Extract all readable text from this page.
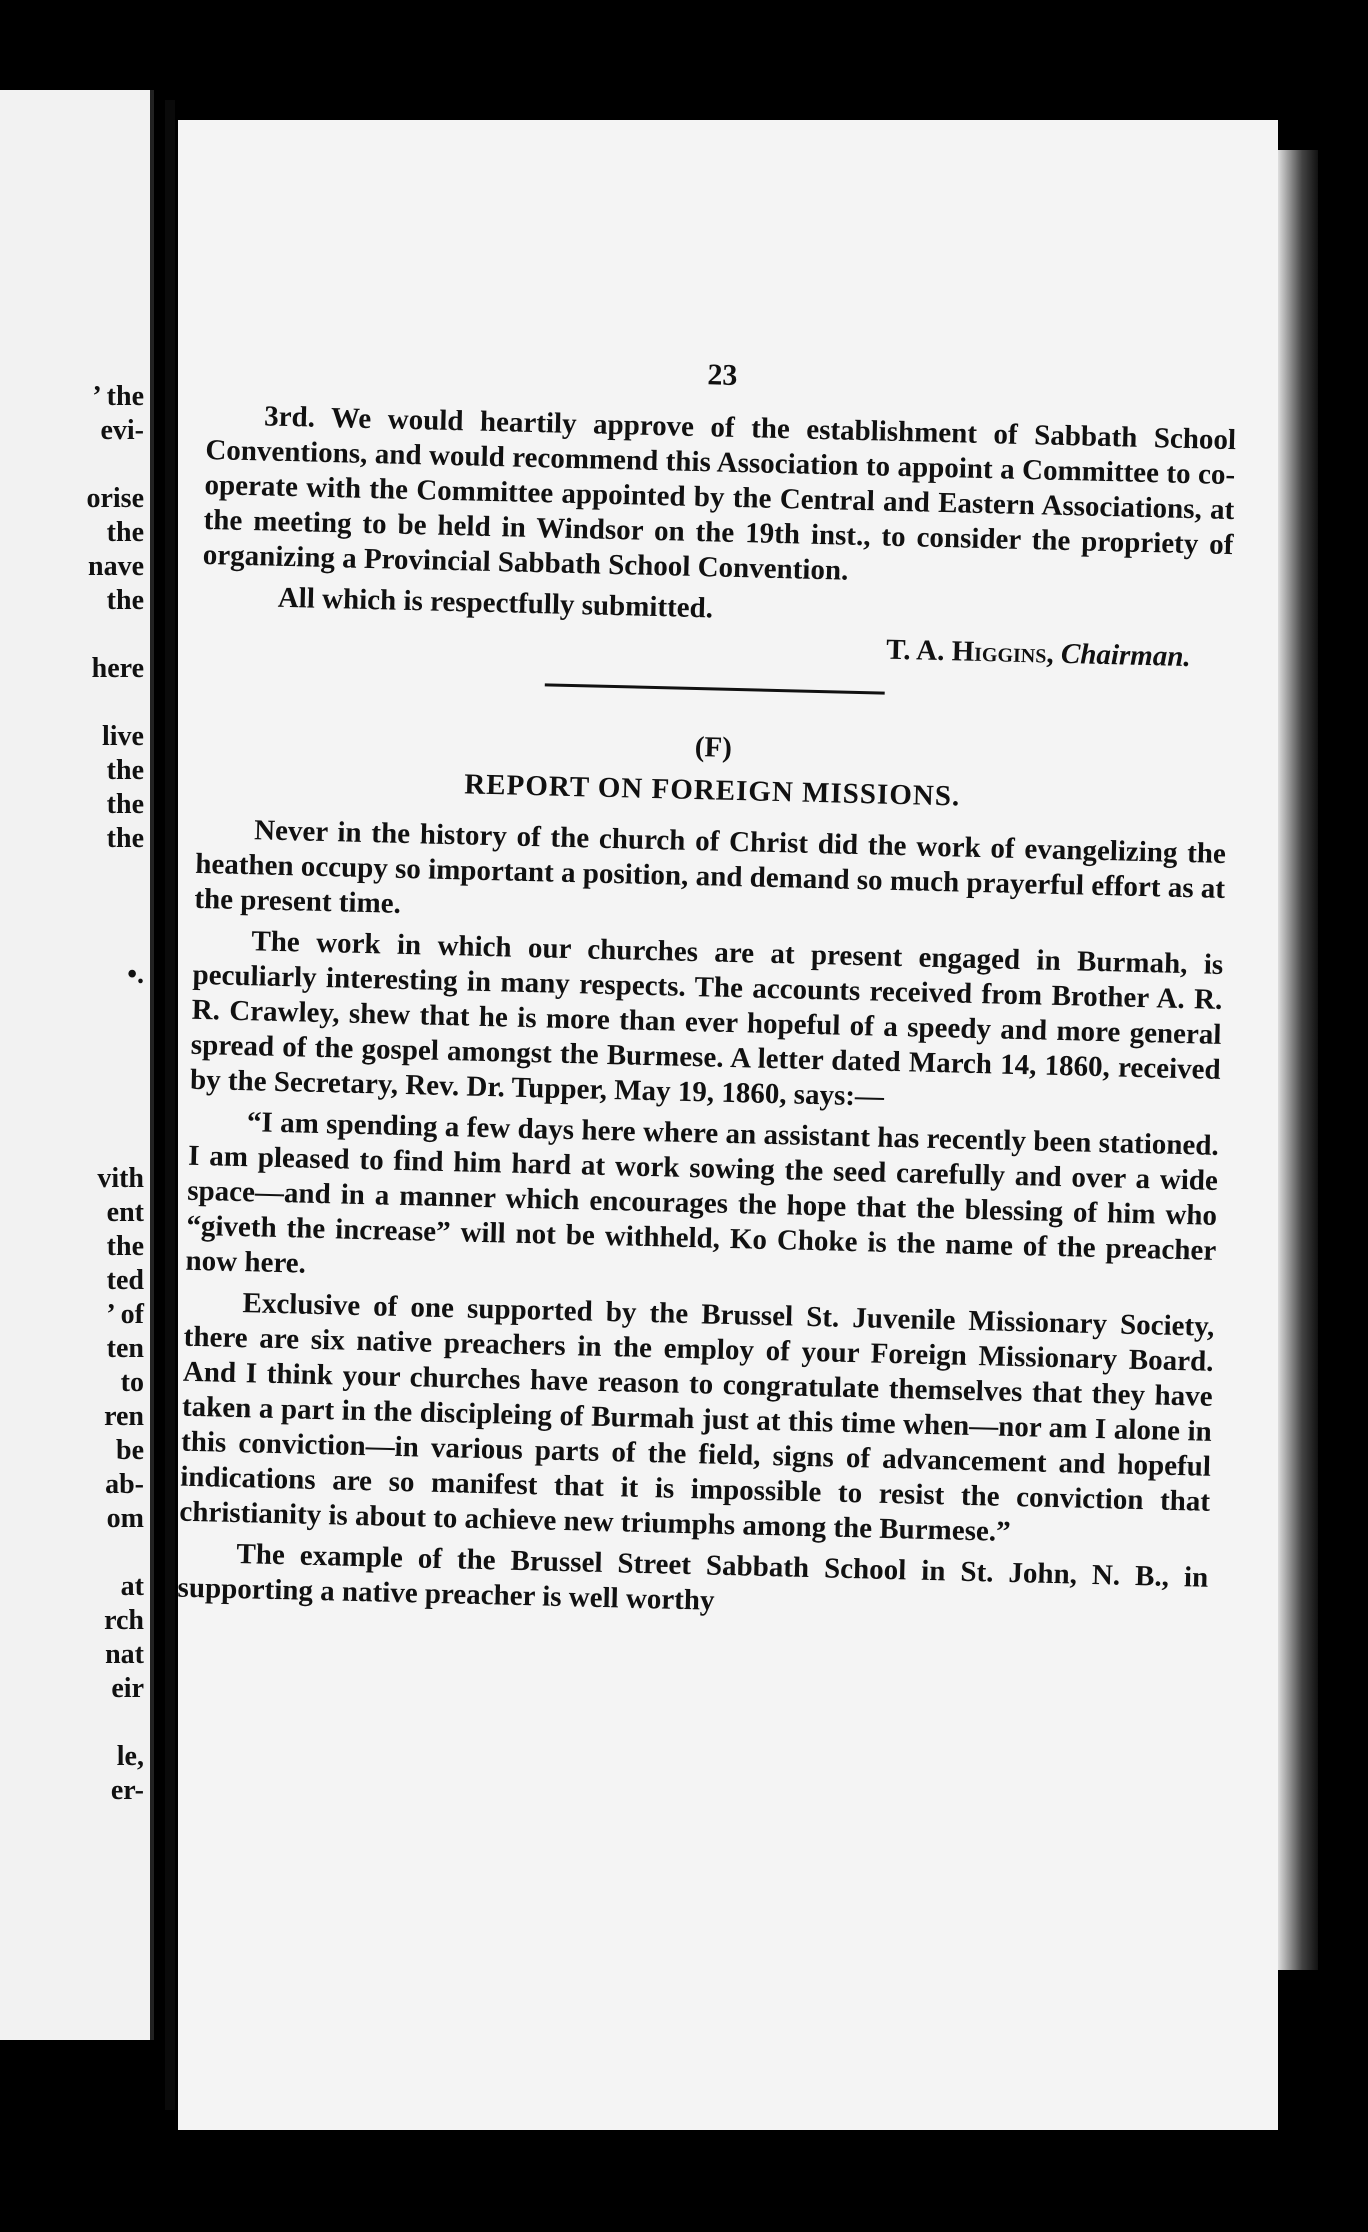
’ the
evi-
orise
the
nave
the
here
live
the
the
the
•.
vith
ent
the
ted
’ of
ten
to
ren
be
ab-
om
at
rch
nat
eir
le,
er-
23

3rd. We would heartily approve of the establishment of Sabbath School Conventions, and would recommend this Association to appoint a Committee to co-operate with the Committee appointed by the Central and Eastern Associations, at the meeting to be held in Windsor on the 19th inst., to consider the propriety of organizing a Provincial Sabbath School Convention.

All which is respectfully submitted.

T. A. Higgins, Chairman.
(F)
REPORT ON FOREIGN MISSIONS.

Never in the history of the church of Christ did the work of evangelizing the heathen occupy so important a position, and demand so much prayerful effort as at the present time.

The work in which our churches are at present engaged in Burmah, is peculiarly interesting in many respects. The accounts received from Brother A. R. R. Crawley, shew that he is more than ever hopeful of a speedy and more general spread of the gospel amongst the Burmese. A letter dated March 14, 1860, received by the Secretary, Rev. Dr. Tupper, May 19, 1860, says:—

“I am spending a few days here where an assistant has recently been stationed. I am pleased to find him hard at work sowing the seed carefully and over a wide space—and in a manner which encourages the hope that the blessing of him who “giveth the increase” will not be withheld, Ko Choke is the name of the preacher now here.

Exclusive of one supported by the Brussel St. Juvenile Missionary Society, there are six native preachers in the employ of your Foreign Missionary Board. And I think your churches have reason to congratulate themselves that they have taken a part in the discipleing of Burmah just at this time when—nor am I alone in this conviction—in various parts of the field, signs of advancement and hopeful indications are so manifest that it is impossible to resist the conviction that christianity is about to achieve new triumphs among the Burmese.”

The example of the Brussel Street Sabbath School in St. John, N. B., in supporting a native preacher is well worthy
